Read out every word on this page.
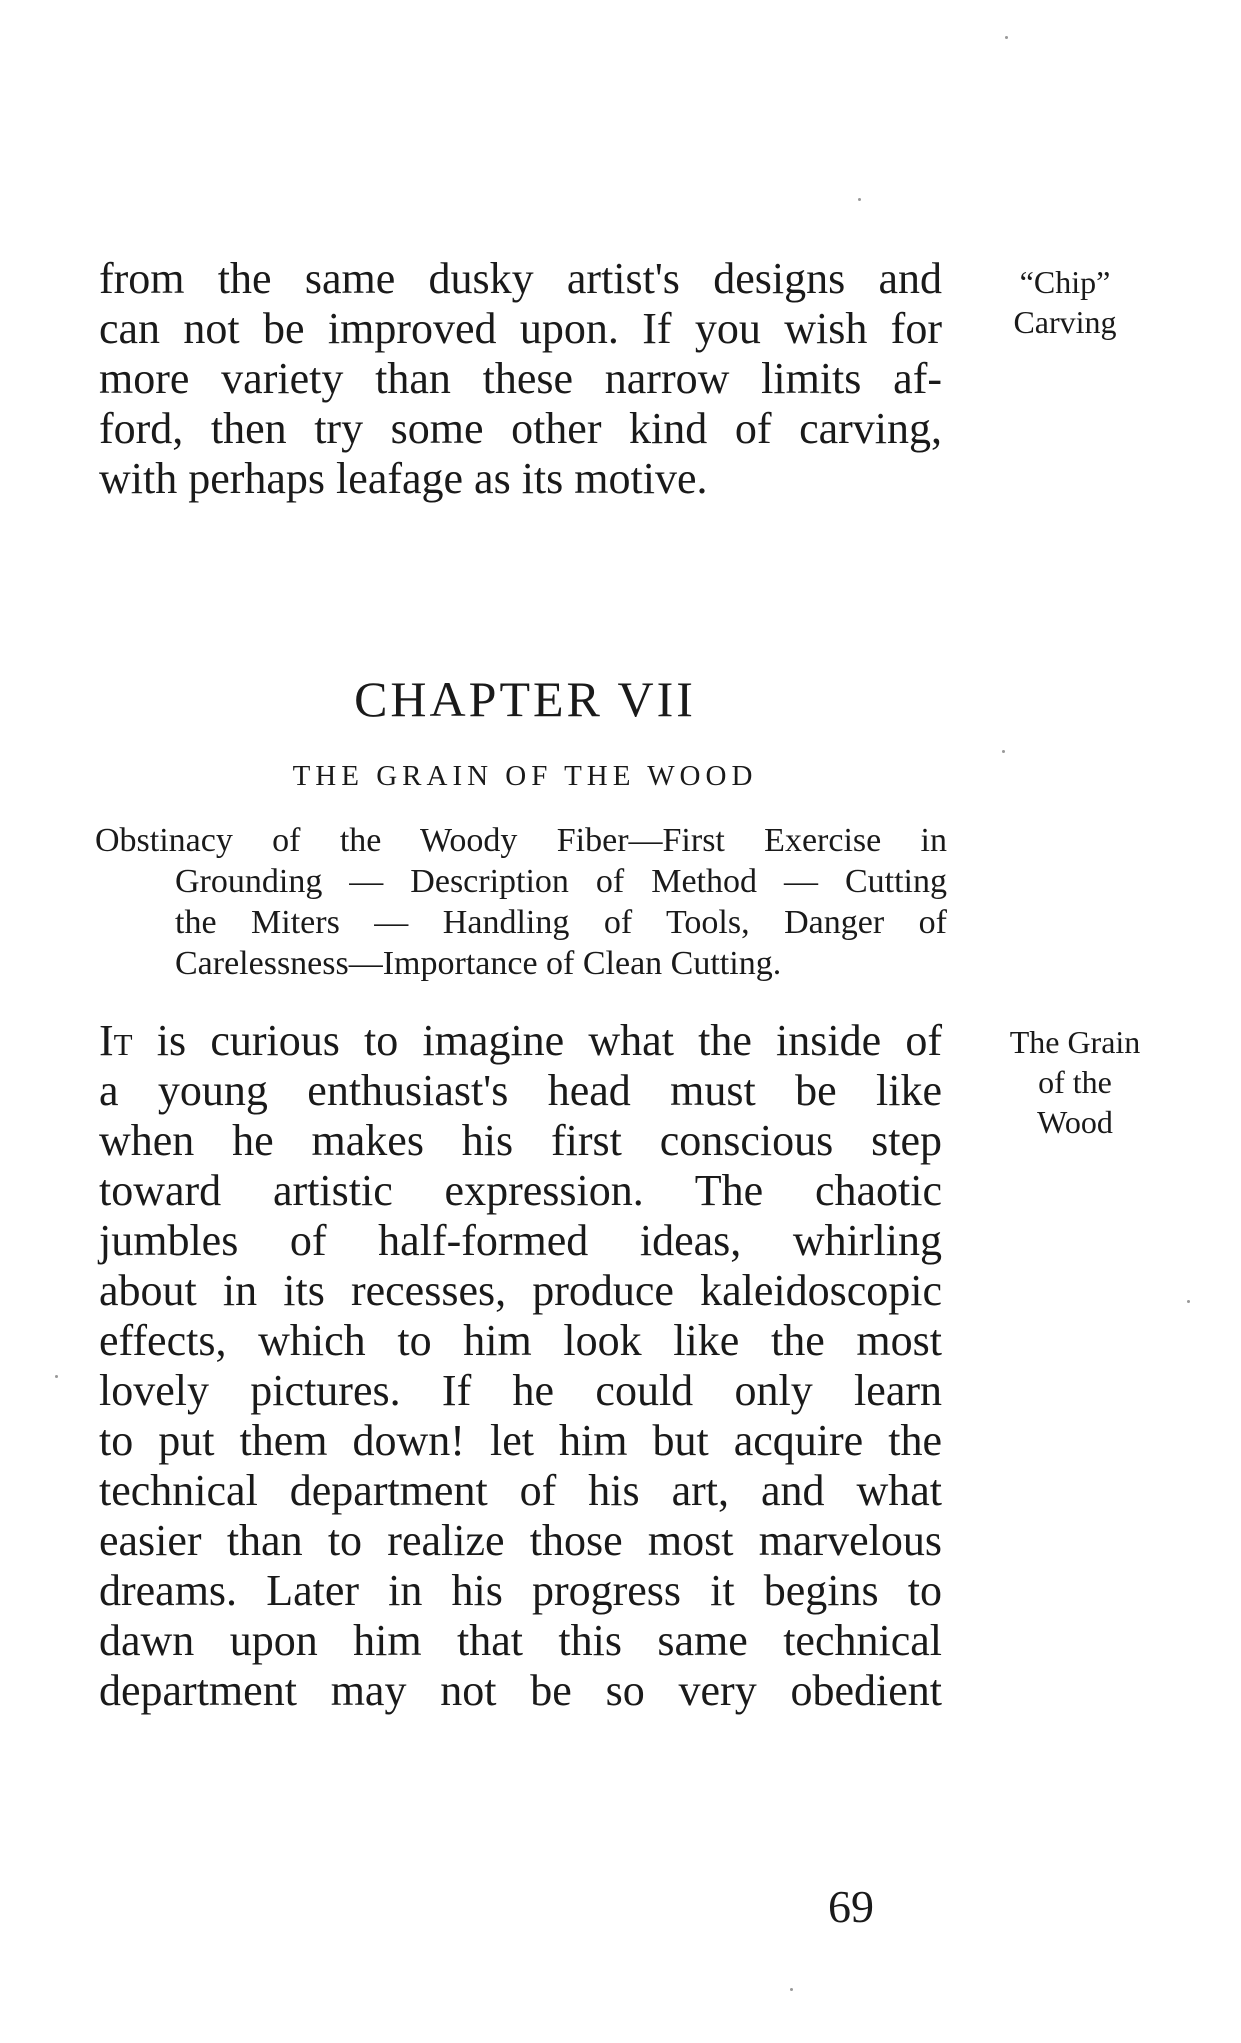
from the same dusky artist's designs and
can not be improved upon. If you wish for
more variety than these narrow limits af-
ford, then try some other kind of carving,
with perhaps leafage as its motive.
“Chip”
Carving
CHAPTER VII
THE GRAIN OF THE WOOD
Obstinacy of the Woody Fiber—First Exercise in
Grounding — Description of Method — Cutting
the Miters — Handling of Tools, Danger of
Carelessness—Importance of Clean Cutting.
It is curious to imagine what the inside of
a young enthusiast's head must be like
when he makes his first conscious step
toward artistic expression. The chaotic
jumbles of half-formed ideas, whirling
about in its recesses, produce kaleidoscopic
effects, which to him look like the most
lovely pictures. If he could only learn
to put them down! let him but acquire the
technical department of his art, and what
easier than to realize those most marvelous
dreams. Later in his progress it begins to
dawn upon him that this same technical
department may not be so very obedient
The Grain
of the
Wood
69
